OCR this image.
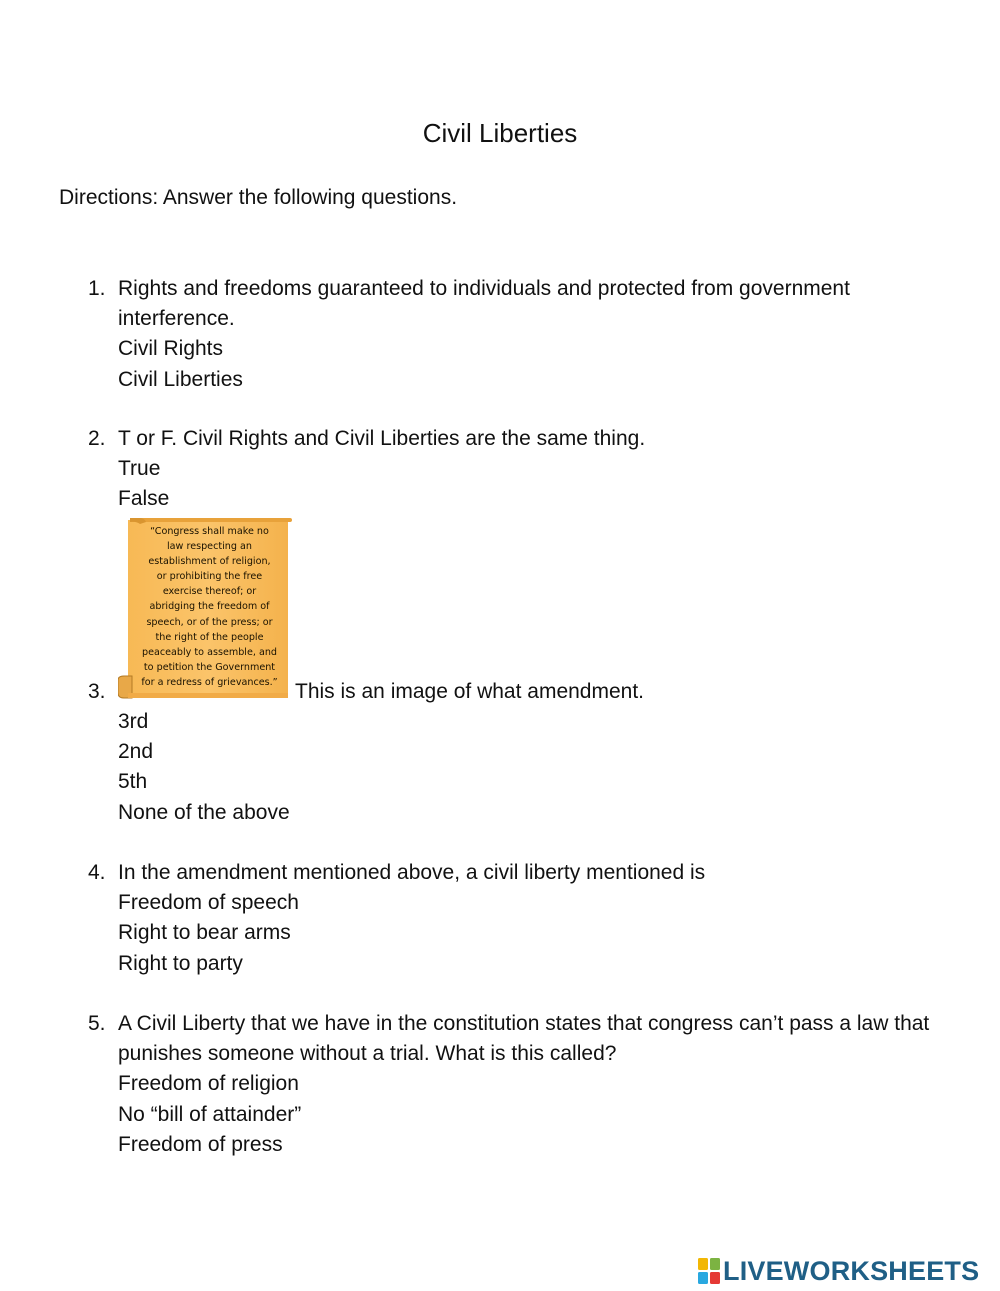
Civil Liberties
Directions: Answer the following questions.
1. Rights and freedoms guaranteed to individuals and protected from government interference.
Civil Rights
Civil Liberties
2. T or F. Civil Rights and Civil Liberties are the same thing.
True
False
3.
“Congress shall make no
law respecting an
establishment of religion,
or prohibiting the free
exercise thereof; or
abridging the freedom of
speech, or of the press; or
the right of the people
peaceably to assemble, and
to petition the Government
for a redress of grievances.” This is an image of what amendment.
3rd
2nd
5th
None of the above
4. In the amendment mentioned above, a civil liberty mentioned is
Freedom of speech
Right to bear arms
Right to party
5. A Civil Liberty that we have in the constitution states that congress can’t pass a law that punishes someone without a trial. What is this called?
Freedom of religion
No “bill of attainder”
Freedom of press
LIVEWORKSHEETS
